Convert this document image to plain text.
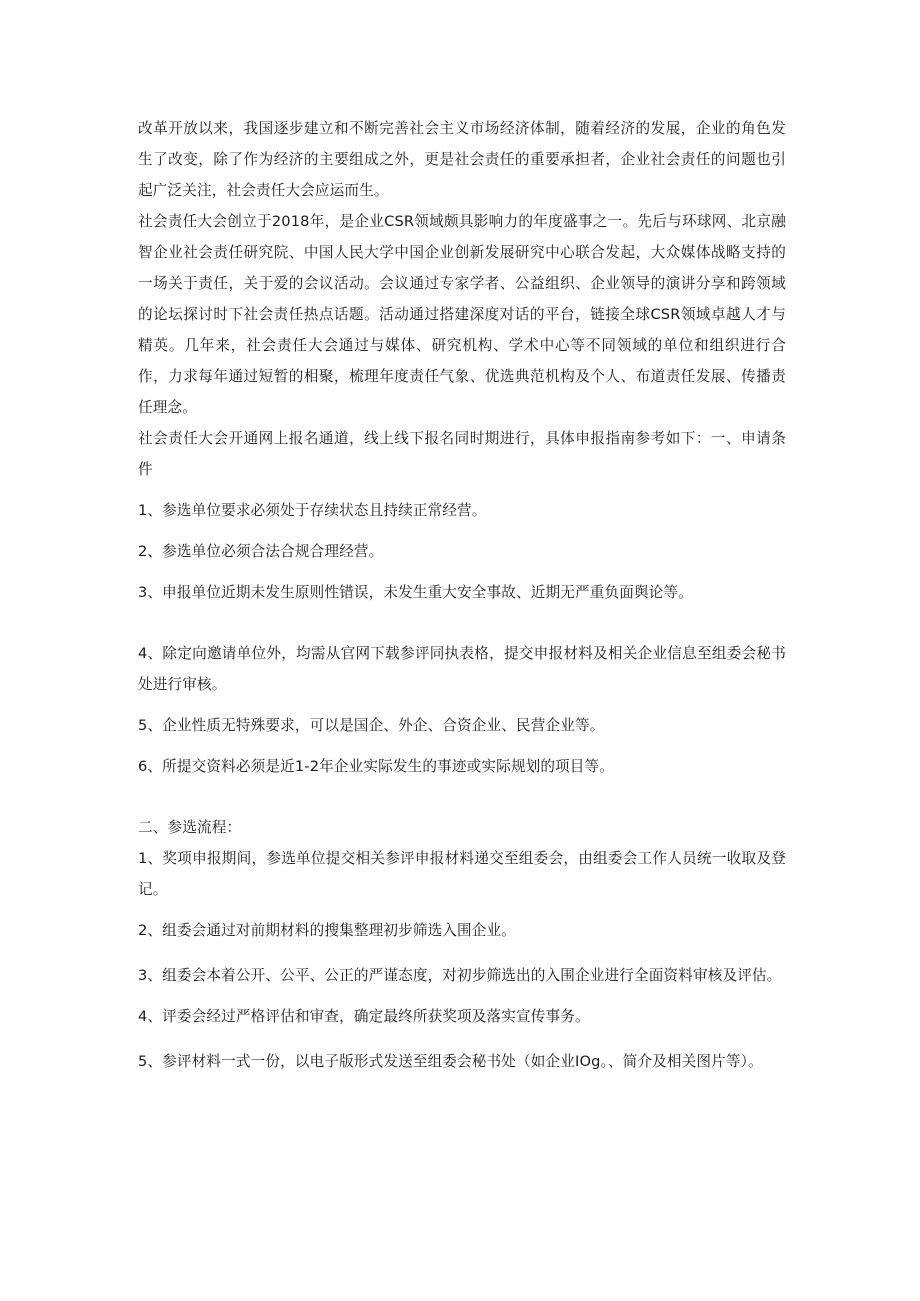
改革开放以来，我国逐步建立和不断完善社会主义市场经济体制，随着经济的发展，企业的角色发生了改变，除了作为经济的主要组成之外，更是社会责任的重要承担者，企业社会责任的问题也引起广泛关注，社会责任大会应运而生。

社会责任大会创立于2018年，是企业CSR领域颇具影响力的年度盛事之一。先后与环球网、北京融智企业社会责任研究院、中国人民大学中国企业创新发展研究中心联合发起，大众媒体战略支持的一场关于责任，关于爱的会议活动。会议通过专家学者、公益组织、企业领导的演讲分享和跨领域的论坛探讨时下社会责任热点话题。活动通过搭建深度对话的平台，链接全球CSR领域卓越人才与精英。几年来，社会责任大会通过与媒体、研究机构、学术中心等不同领域的单位和组织进行合作，力求每年通过短暂的相聚，梳理年度责任气象、优选典范机构及个人、布道责任发展、传播责任理念。

社会责任大会开通网上报名通道，线上线下报名同时期进行，具体申报指南参考如下：一、申请条件

1、参选单位要求必须处于存续状态且持续正常经营。

2、参选单位必须合法合规合理经营。

3、申报单位近期未发生原则性错误，未发生重大安全事故、近期无严重负面舆论等。

4、除定向邀请单位外，均需从官网下载参评同执表格，提交申报材料及相关企业信息至组委会秘书处进行审核。

5、企业性质无特殊要求，可以是国企、外企、合资企业、民营企业等。

6、所提交资料必须是近1-2年企业实际发生的事迹或实际规划的项目等。

二、参选流程：

1、奖项申报期间，参选单位提交相关参评申报材料递交至组委会，由组委会工作人员统一收取及登记。

2、组委会通过对前期材料的搜集整理初步筛选入围企业。

3、组委会本着公开、公平、公正的严谨态度，对初步筛选出的入围企业进行全面资料审核及评估。

4、评委会经过严格评估和审查，确定最终所获奖项及落实宣传事务。

5、参评材料一式一份，以电子版形式发送至组委会秘书处（如企业IOg。、简介及相关图片等）。
